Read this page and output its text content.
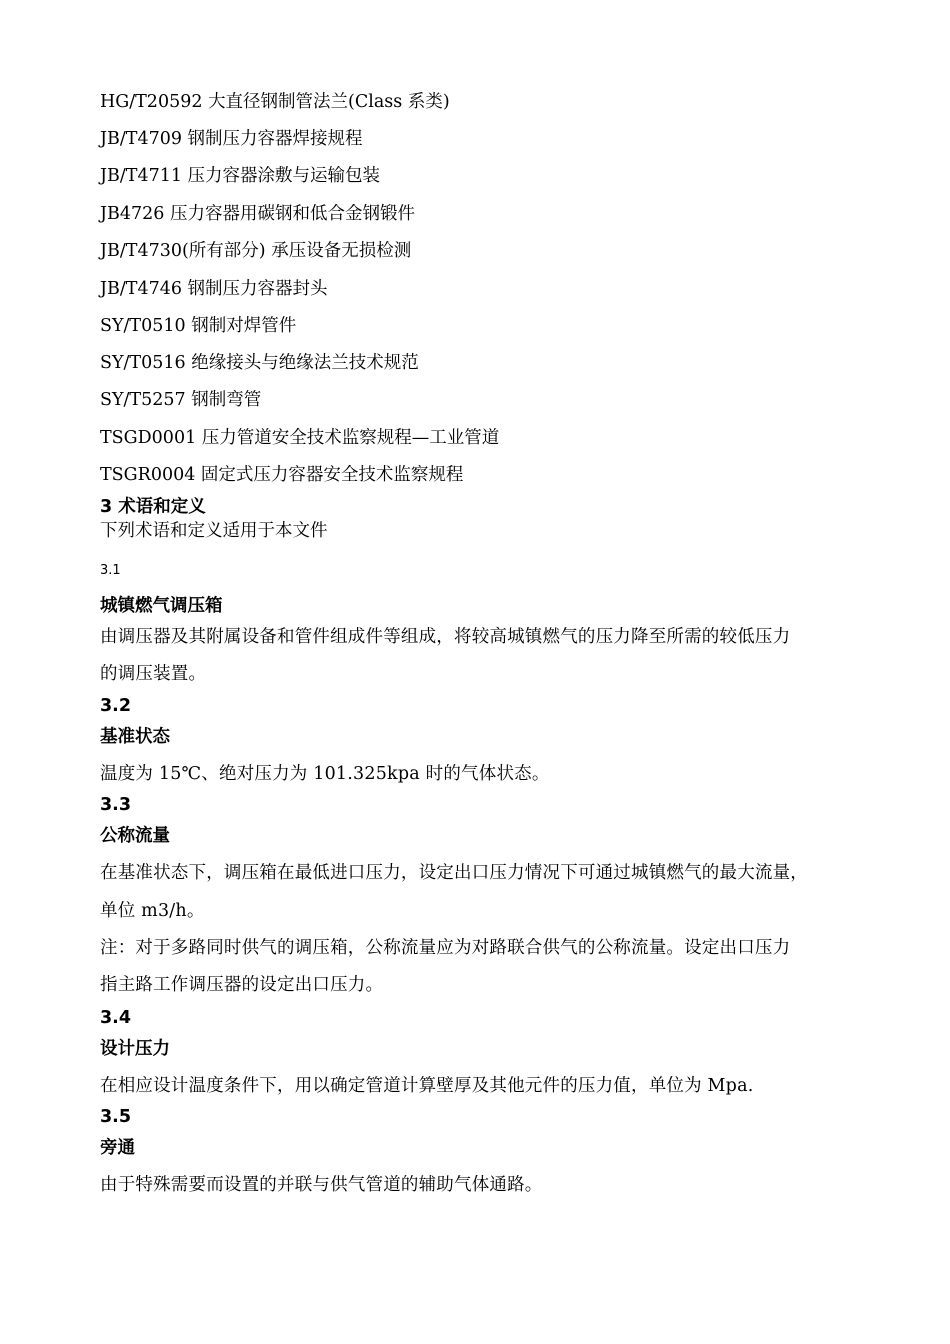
HG/T20592 大直径钢制管法兰(Class 系类)
JB/T4709 钢制压力容器焊接规程
JB/T4711 压力容器涂敷与运输包装
JB4726 压力容器用碳钢和低合金钢锻件
JB/T4730(所有部分) 承压设备无损检测
JB/T4746 钢制压力容器封头
SY/T0510 钢制对焊管件
SY/T0516 绝缘接头与绝缘法兰技术规范
SY/T5257 钢制弯管
TSGD0001 压力管道安全技术监察规程—工业管道
TSGR0004 固定式压力容器安全技术监察规程
3 术语和定义
下列术语和定义适用于本文件
3.1
城镇燃气调压箱
由调压器及其附属设备和管件组成件等组成，将较高城镇燃气的压力降至所需的较低压力
的调压装置。
3.2
基准状态
温度为 15℃、绝对压力为 101.325kpa 时的气体状态。
3.3
公称流量
在基准状态下，调压箱在最低进口压力，设定出口压力情况下可通过城镇燃气的最大流量，
单位 m3/h。
注：对于多路同时供气的调压箱，公称流量应为对路联合供气的公称流量。设定出口压力
指主路工作调压器的设定出口压力。
3.4
设计压力
在相应设计温度条件下，用以确定管道计算壁厚及其他元件的压力值，单位为 Mpa.
3.5
旁通
由于特殊需要而设置的并联与供气管道的辅助气体通路。
